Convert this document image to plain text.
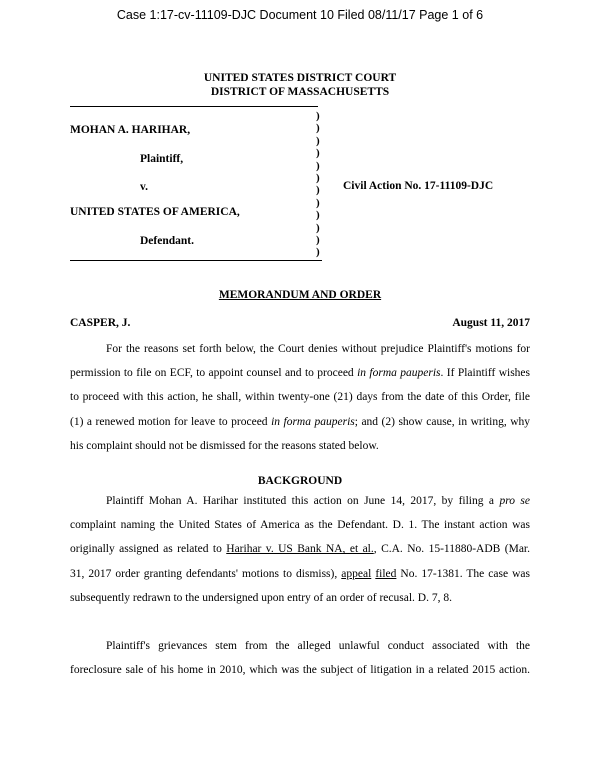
Case 1:17-cv-11109-DJC Document 10 Filed 08/11/17 Page 1 of 6
UNITED STATES DISTRICT COURT
DISTRICT OF MASSACHUSETTS
MOHAN A. HARIHAR,
Plaintiff,
v.
UNITED STATES OF AMERICA,
Defendant.
)
)
)
)
)
)
)
)
)
)
)
)
Civil Action No. 17-11109-DJC
MEMORANDUM AND ORDER
CASPER, J.	August 11, 2017
For the reasons set forth below, the Court denies without prejudice Plaintiff's motions for
permission to file on ECF, to appoint counsel and to proceed in forma pauperis. If Plaintiff wishes
to proceed with this action, he shall, within twenty-one (21) days from the date of this Order, file
(1) a renewed motion for leave to proceed in forma pauperis; and (2) show cause, in writing, why
his complaint should not be dismissed for the reasons stated below.
BACKGROUND
Plaintiff Mohan A. Harihar instituted this action on June 14, 2017, by filing a pro se
complaint naming the United States of America as the Defendant. D. 1. The instant action was
originally assigned as related to Harihar v. US Bank NA, et al., C.A. No. 15-11880-ADB (Mar.
31, 2017 order granting defendants' motions to dismiss), appeal filed No. 17-1381. The case was
subsequently redrawn to the undersigned upon entry of an order of recusal. D. 7, 8.
Plaintiff's grievances stem from the alleged unlawful conduct associated with the
foreclosure sale of his home in 2010, which was the subject of litigation in a related 2015 action.
